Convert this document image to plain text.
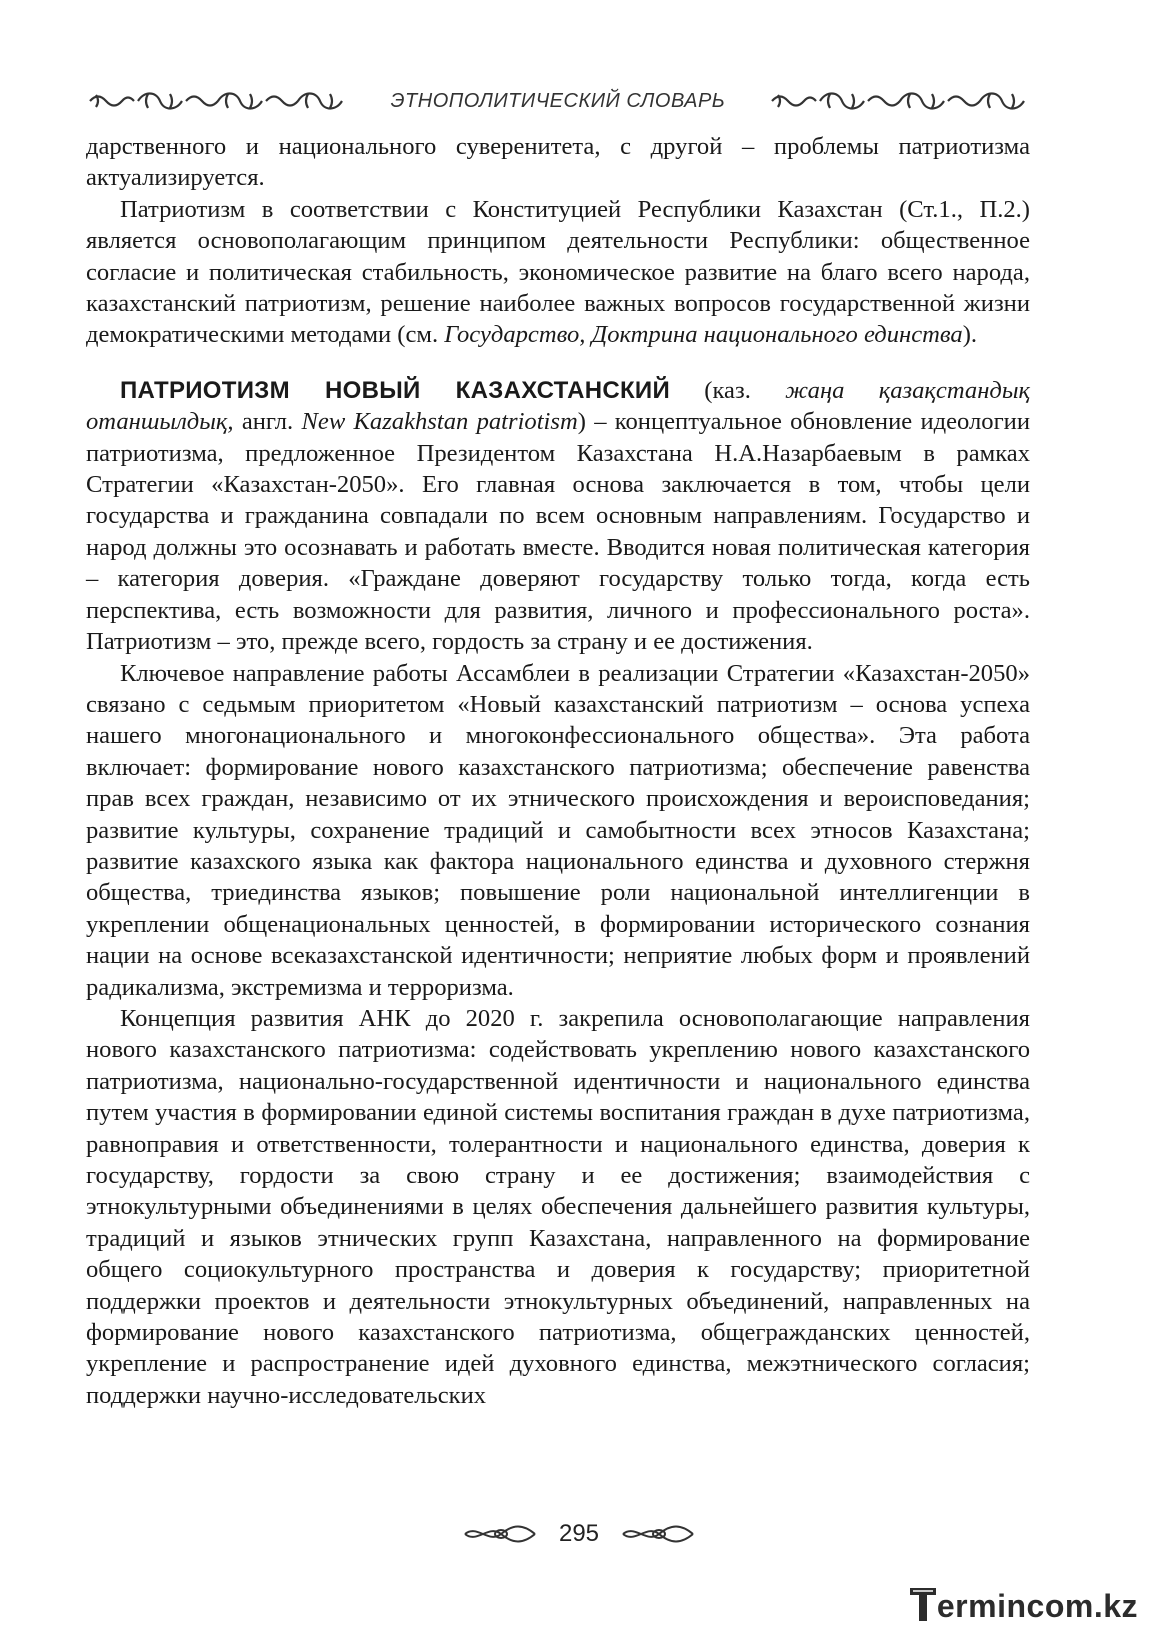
ЭТНОПОЛИТИЧЕСКИЙ СЛОВАРЬ

дарственного и национального суверенитета, с другой – проблемы патриотизма актуализируется.

Патриотизм в соответствии с Конституцией Республики Казахстан (Ст.1., П.2.) является основополагающим принципом деятельности Республики: общественное согласие и политическая стабильность, экономическое развитие на благо всего народа, казахстанский патриотизм, решение наиболее важных вопросов государственной жизни демократическими методами (см. Государство, Доктрина национального единства).

ПАТРИОТИЗМ НОВЫЙ КАЗАХСТАНСКИЙ (каз. жаңа қазақстандық отаншылдық, англ. New Kazakhstan patriotism) – концептуальное обновление идеологии патриотизма, предложенное Президентом Казахстана Н.А.Назарбаевым в рамках Стратегии «Казахстан-2050». Его главная основа заключается в том, чтобы цели государства и гражданина совпадали по всем основным направлениям. Государство и народ должны это осознавать и работать вместе. Вводится новая политическая категория – категория доверия. «Граждане доверяют государству только тогда, когда есть перспектива, есть возможности для развития, личного и профессионального роста». Патриотизм – это, прежде всего, гордость за страну и ее достижения.

Ключевое направление работы Ассамблеи в реализации Стратегии «Казахстан-2050» связано с седьмым приоритетом «Новый казахстанский патриотизм – основа успеха нашего многонационального и многоконфессионального общества». Эта работа включает: формирование нового казахстанского патриотизма; обеспечение равенства прав всех граждан, независимо от их этнического происхождения и вероисповедания; развитие культуры, сохранение традиций и самобытности всех этносов Казахстана; развитие казахского языка как фактора национального единства и духовного стержня общества, триединства языков; повышение роли национальной интеллигенции в укреплении общенациональных ценностей, в формировании исторического сознания нации на основе всеказахстанской идентичности; неприятие любых форм и проявлений радикализма, экстремизма и терроризма.

Концепция развития АНК до 2020 г. закрепила основополагающие направления нового казахстанского патриотизма: содействовать укреплению нового казахстанского патриотизма, национально-государственной идентичности и национального единства путем участия в формировании единой системы воспитания граждан в духе патриотизма, равноправия и ответственности, толерантности и национального единства, доверия к государству, гордости за свою страну и ее достижения; взаимодействия с этнокультурными объединениями в целях обеспечения дальнейшего развития культуры, традиций и языков этнических групп Казахстана, направленного на формирование общего социокультурного пространства и доверия к государству; приоритетной поддержки проектов и деятельности этнокультурных объединений, направленных на формирование нового казахстанского патриотизма, общегражданских ценностей, укрепление и распространение идей духовного единства, межэтнического согласия; поддержки научно-исследовательских

295
ermincom.kz
